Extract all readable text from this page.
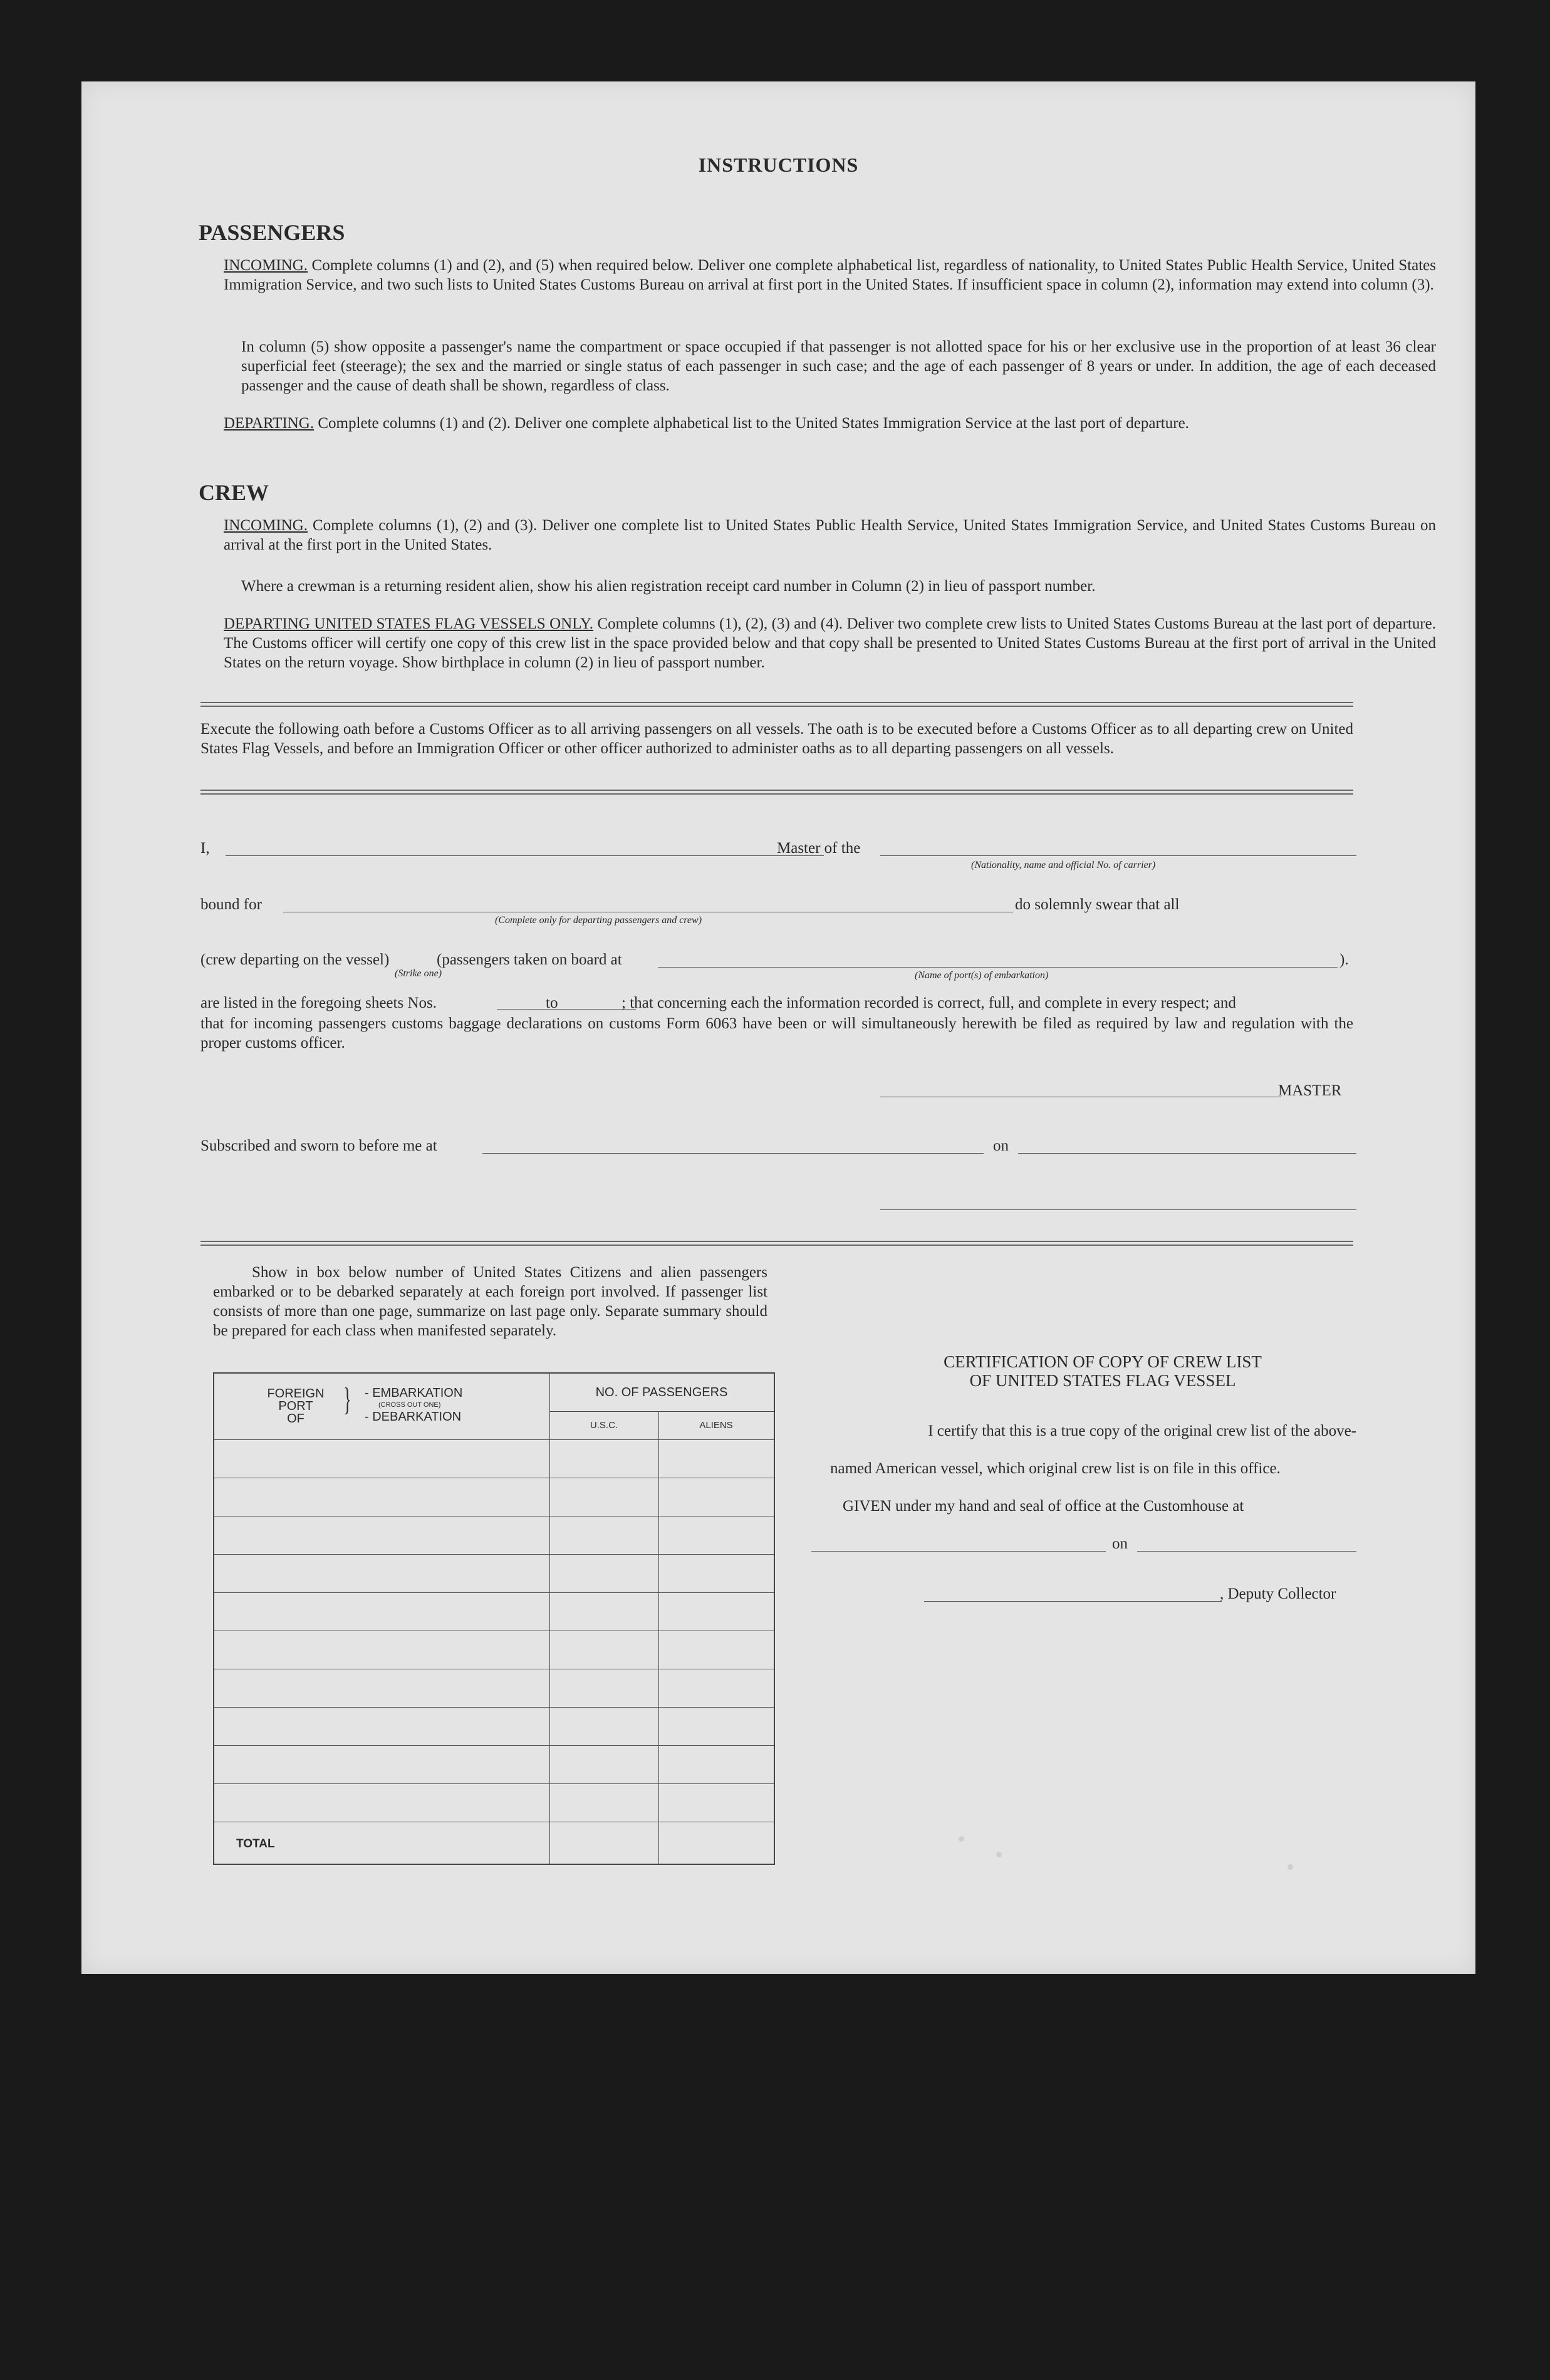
INSTRUCTIONS
PASSENGERS
INCOMING. Complete columns (1) and (2), and (5) when required below. Deliver one complete alphabetical list, regardless of nationality, to United States Public Health Service, United States Immigration Service, and two such lists to United States Customs Bureau on arrival at first port in the United States. If insufficient space in column (2), information may extend into column (3).
In column (5) show opposite a passenger's name the compartment or space occupied if that passenger is not allotted space for his or her exclusive use in the proportion of at least 36 clear superficial feet (steerage); the sex and the married or single status of each passenger in such case; and the age of each passenger of 8 years or under. In addition, the age of each deceased passenger and the cause of death shall be shown, regardless of class.
DEPARTING. Complete columns (1) and (2). Deliver one complete alphabetical list to the United States Immigration Service at the last port of departure.
CREW
INCOMING. Complete columns (1), (2) and (3). Deliver one complete list to United States Public Health Service, United States Immigration Service, and United States Customs Bureau on arrival at the first port in the United States.
Where a crewman is a returning resident alien, show his alien registration receipt card number in Column (2) in lieu of passport number.
DEPARTING UNITED STATES FLAG VESSELS ONLY. Complete columns (1), (2), (3) and (4). Deliver two complete crew lists to United States Customs Bureau at the last port of departure. The Customs officer will certify one copy of this crew list in the space provided below and that copy shall be presented to United States Customs Bureau at the first port of arrival in the United States on the return voyage. Show birthplace in column (2) in lieu of passport number.
Execute the following oath before a Customs Officer as to all arriving passengers on all vessels. The oath is to be executed before a Customs Officer as to all departing crew on United States Flag Vessels, and before an Immigration Officer or other officer authorized to administer oaths as to all departing passengers on all vessels.
I,	Master of the
(Nationality, name and official No. of carrier)
bound for
(Complete only for departing passengers and crew)
do solemnly swear that all
(crew departing on the vessel)
(Strike one)
(passengers taken on board at
(Name of port(s) of embarkation)
).
are listed in the foregoing sheets Nos.	to	; that concerning each the information recorded is correct, full, and complete in every respect; and
that for incoming passengers customs baggage declarations on customs Form 6063 have been or will simultaneously herewith be filed as required by law and regulation with the proper customs officer.
MASTER
Subscribed and sworn to before me at	on
Show in box below number of United States Citizens and alien passengers embarked or to be debarked separately at each foreign port involved. If passenger list consists of more than one page, summarize on last page only. Separate summary should be prepared for each class when manifested separately.
FOREIGN
PORT
OF
} - EMBARKATION
(CROSS OUT ONE)
- DEBARKATION
NO. OF PASSENGERS
U.S.C.	ALIENS
TOTAL
CERTIFICATION OF COPY OF CREW LIST
OF UNITED STATES FLAG VESSEL
I certify that this is a true copy of the original crew list of the above-
named American vessel, which original crew list is on file in this office.
GIVEN under my hand and seal of office at the Customhouse at
on
, Deputy Collector
